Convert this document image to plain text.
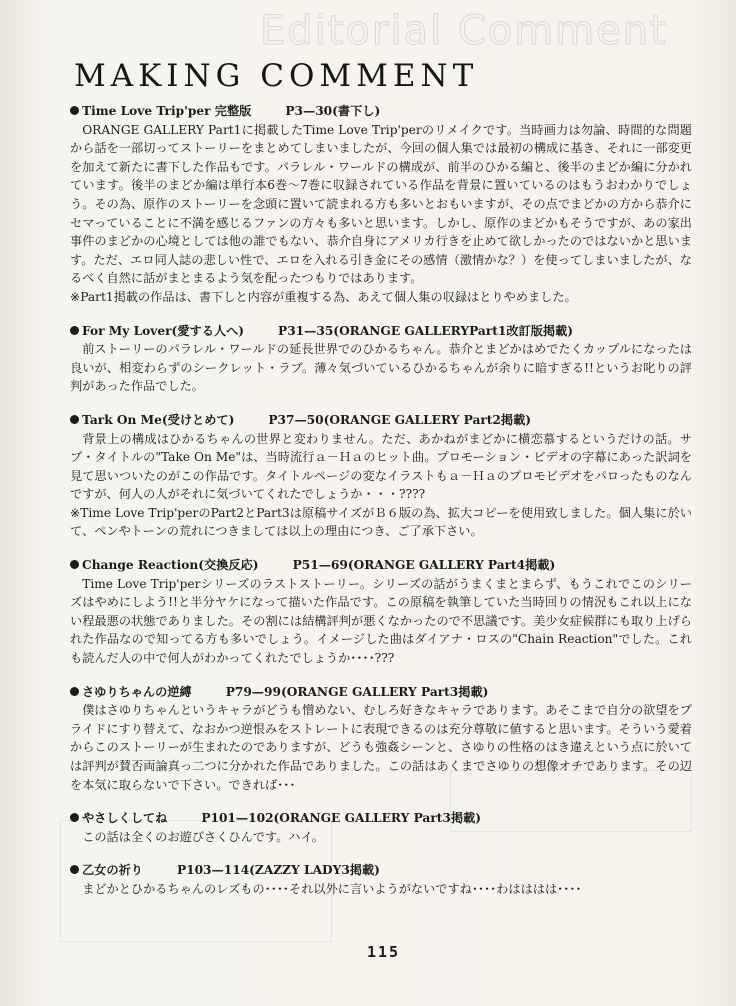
Editorial Comment
MAKING COMMENT
Time Love Trip'per 完整版	P3—30(書下し)
ORANGE GALLERY Part1に掲載したTime Love Trip'perのリメイクです。当時画力は勿論、時間的な問題から話を一部切ってストーリーをまとめてしまいましたが、今回の個人集では最初の構成に基き、それに一部変更を加えて新たに書下した作品もです。パラレル・ワールドの構成が、前半のひかる編と、後半のまどか編に分かれています。後半のまどか編は単行本6巻～7巻に収録されている作品を背景に置いているのはもうおわかりでしょう。その為、原作のストーリーを念頭に置いて読まれる方も多いとおもいますが、その点でまどかの方から恭介にセマっていることに不満を感じるファンの方々も多いと思います。しかし、原作のまどかもそうですが、あの家出事件のまどかの心境としては他の誰でもない、恭介自身にアメリカ行きを止めて欲しかったのではないかと思います。ただ、エロ同人誌の悲しい性で、エロを入れる引き金にその感情（激情かな？）を使ってしまいましたが、なるべく自然に話がまとまるよう気を配ったつもりではあります。
※Part1掲載の作品は、書下しと内容が重複する為、あえて個人集の収録はとりやめました。
For My Lover(愛する人へ)	P31—35(ORANGE GALLERYPart1改訂版掲載)
前ストーリーのパラレル・ワールドの延長世界でのひかるちゃん。恭介とまどかはめでたくカップルになったは良いが、相変わらずのシークレット・ラブ。薄々気づいているひかるちゃんが余りに暗すぎる!!というお叱りの評判があった作品でした。
Tark On Me(受けとめて)	P37—50(ORANGE GALLERY Part2掲載)
背景上の構成はひかるちゃんの世界と変わりません。ただ、あかねがまどかに横恋慕するというだけの話。サブ・タイトルの"Take On Me"は、当時流行ａ－Ｈａのヒット曲。プロモーション・ビデオの字幕にあった訳詞を見て思いついたのがこの作品です。タイトルページの変なイラストもａ－Ｈａのプロモビデオをパロったものなんですが、何人の人がそれに気づいてくれたでしょうか・・・????
※Time Love Trip'perのPart2とPart3は原稿サイズがＢ６版の為、拡大コピーを使用致しました。個人集に於いて、ペンやトーンの荒れにつきましては以上の理由につき、ご了承下さい。
Change Reaction(交換反応)	P51—69(ORANGE GALLERY Part4掲載)
Time Love Trip'perシリーズのラストストーリー。シリーズの話がうまくまとまらず、もうこれでこのシリーズはやめにしよう!!と半分ヤケになって描いた作品です。この原稿を執筆していた当時回りの情況もこれ以上にない程最悪の状態でありました。その割には結構評判が悪くなかったので不思議です。美少女症候群にも取り上げられた作品なので知ってる方も多いでしょう。イメージした曲はダイアナ・ロスの"Chain Reaction"でした。これも読んだ人の中で何人がわかってくれたでしょうか････???
さゆりちゃんの逆縛	P79—99(ORANGE GALLERY Part3掲載)
僕はさゆりちゃんというキャラがどうも憎めない、むしろ好きなキャラであります。あそこまで自分の欲望をプライドにすり替えて、なおかつ逆恨みをストレートに表現できるのは充分尊敬に値すると思います。そういう愛着からこのストーリーが生まれたのでありますが、どうも強姦シーンと、さゆりの性格のはき違えという点に於いては評判が賛否両論真っ二つに分かれた作品でありました。この話はあくまでさゆりの想像オチであります。その辺を本気に取らないで下さい。できれば･･･
やさしくしてね	P101—102(ORANGE GALLERY Part3掲載)
この話は全くのお遊びさくひんです。ハイ。
乙女の祈り	P103—114(ZAZZY LADY3掲載)
まどかとひかるちゃんのレズもの････それ以外に言いようがないですね････わはははは････
115
